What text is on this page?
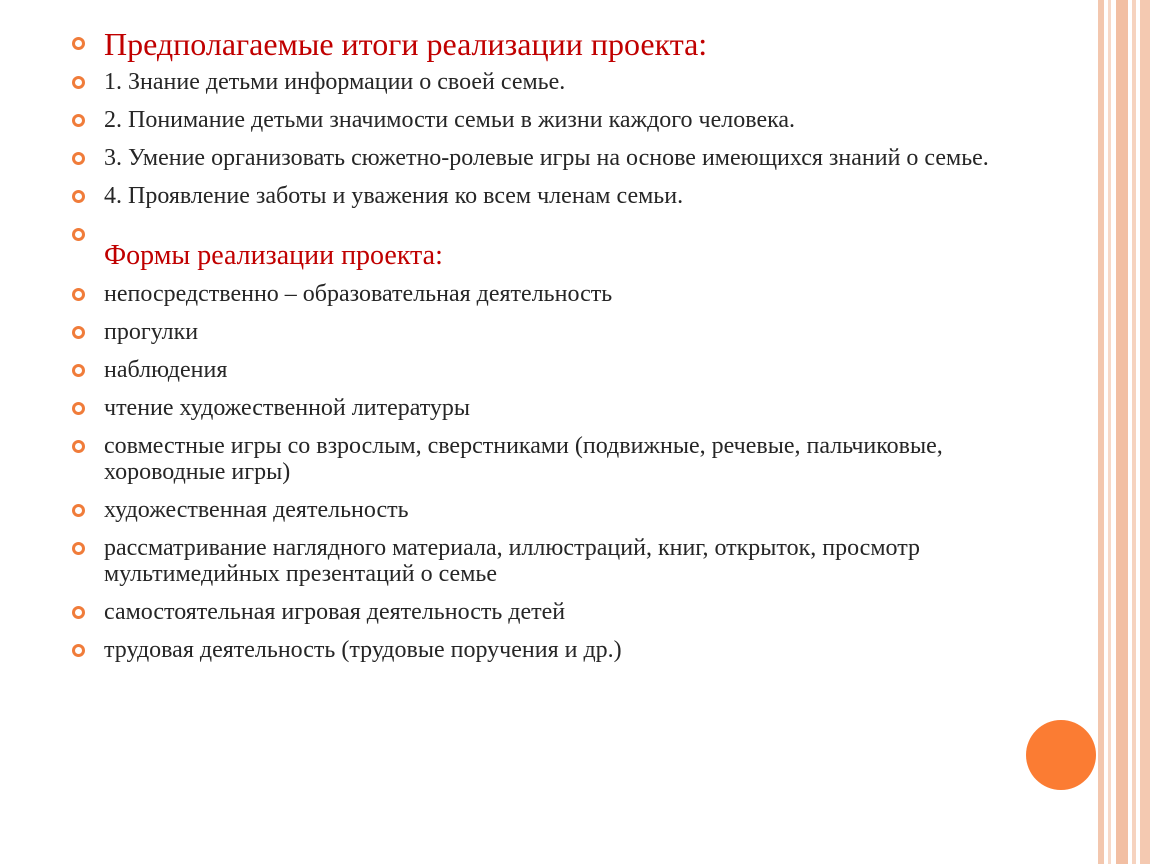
Предполагаемые итоги реализации проекта:
1. Знание детьми информации о своей семье.
2. Понимание детьми значимости семьи в жизни каждого человека.
3. Умение организовать сюжетно-ролевые игры на основе имеющихся знаний о семье.
4. Проявление заботы и уважения ко всем членам семьи.
Формы реализации проекта:
непосредственно – образовательная деятельность
прогулки
наблюдения
чтение художественной литературы
совместные игры со взрослым, сверстниками (подвижные, речевые, пальчиковые, хороводные игры)
художественная деятельность
рассматривание наглядного материала, иллюстраций, книг, открыток, просмотр мультимедийных презентаций о семье
самостоятельная игровая деятельность детей
трудовая деятельность (трудовые поручения и др.)
